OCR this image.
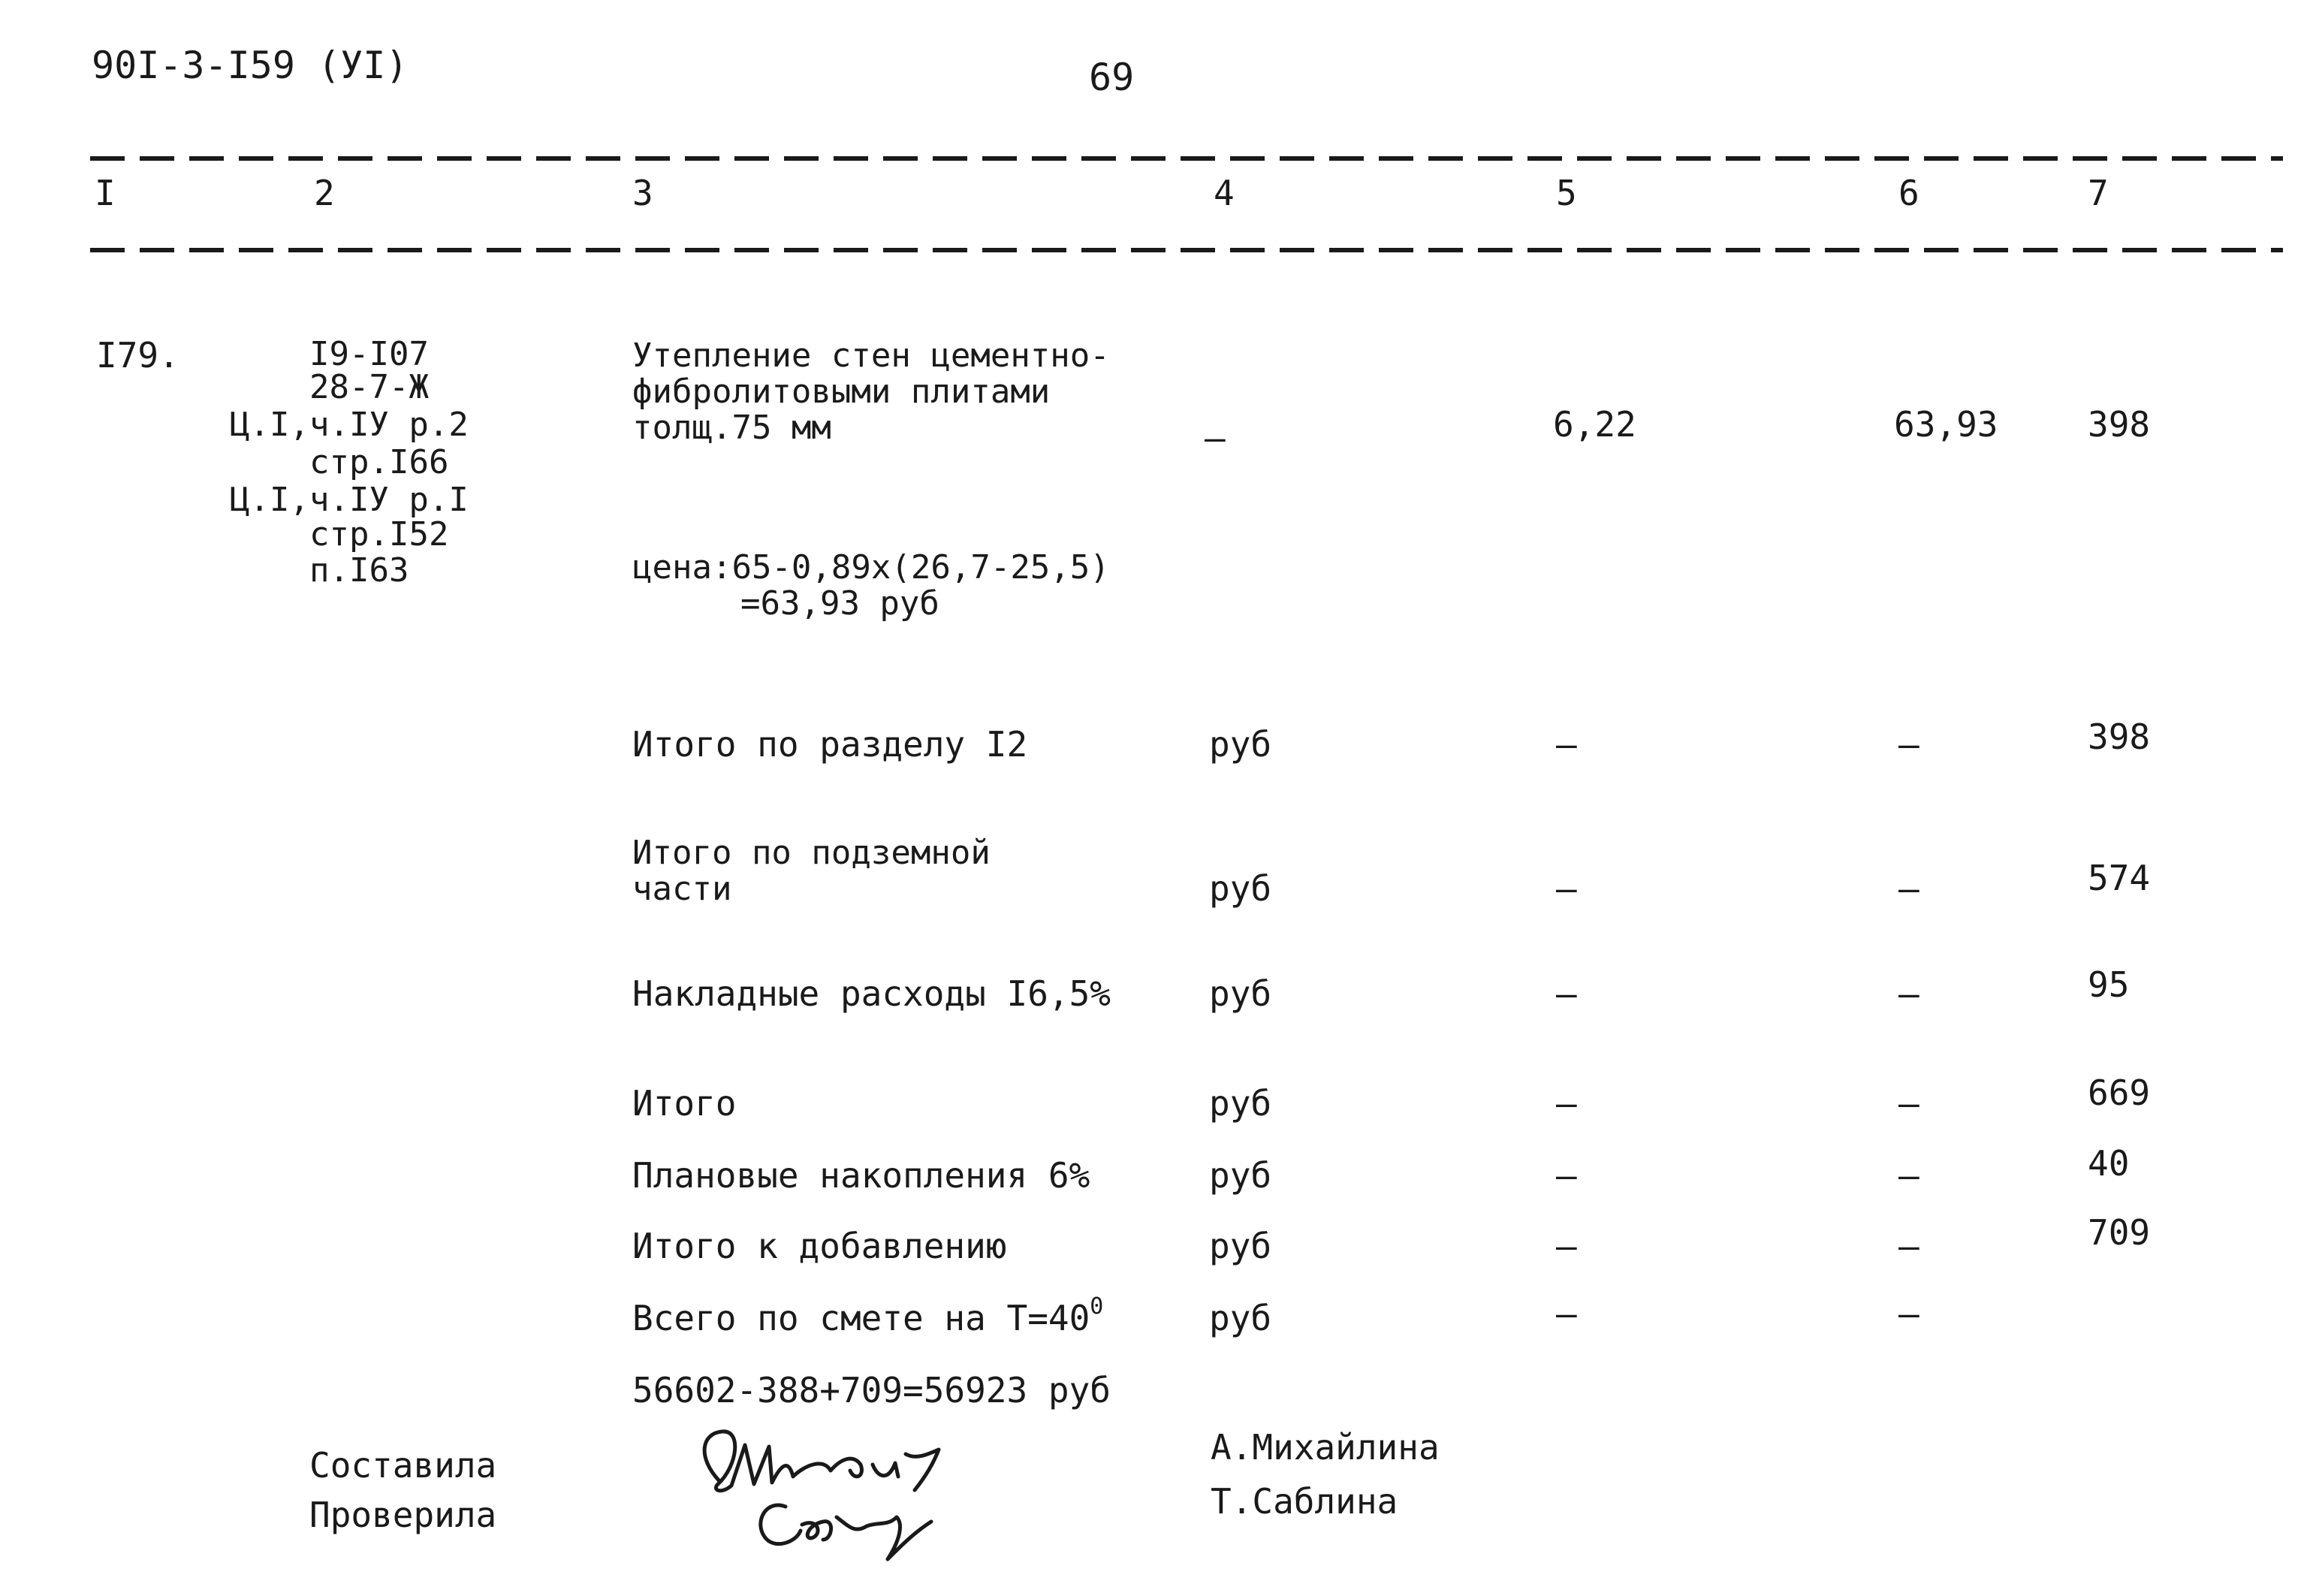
90I-3-I59 (УI)	69
I	2	3	4	5	6	7
I79.	I9-I07
28-7-Ж
Ц.I,ч.IУ р.2
стр.I66
Ц.I,ч.IУ р.I
стр.I52
п.I63
Утепление стен цементно-
фибролитовыми плитами
толщ.75 мм	–	6,22	63,93	398
цена:65-0,89х(26,7-25,5)
=63,93 руб
Итого по разделу I2	руб	–	–	398
Итого по подземной части	руб	–	–	574
Накладные расходы I6,5%	руб	–	–	95
Итого	руб	–	–	669
Плановые накопления 6%	руб	–	–	40
Итого к добавлению	руб	–	–	709
Всего по смете на $Т=40^0$	руб	–	–
56602-388+709=56923 руб
Составила
Проверила
А.Михайлина
Т.Саблина
